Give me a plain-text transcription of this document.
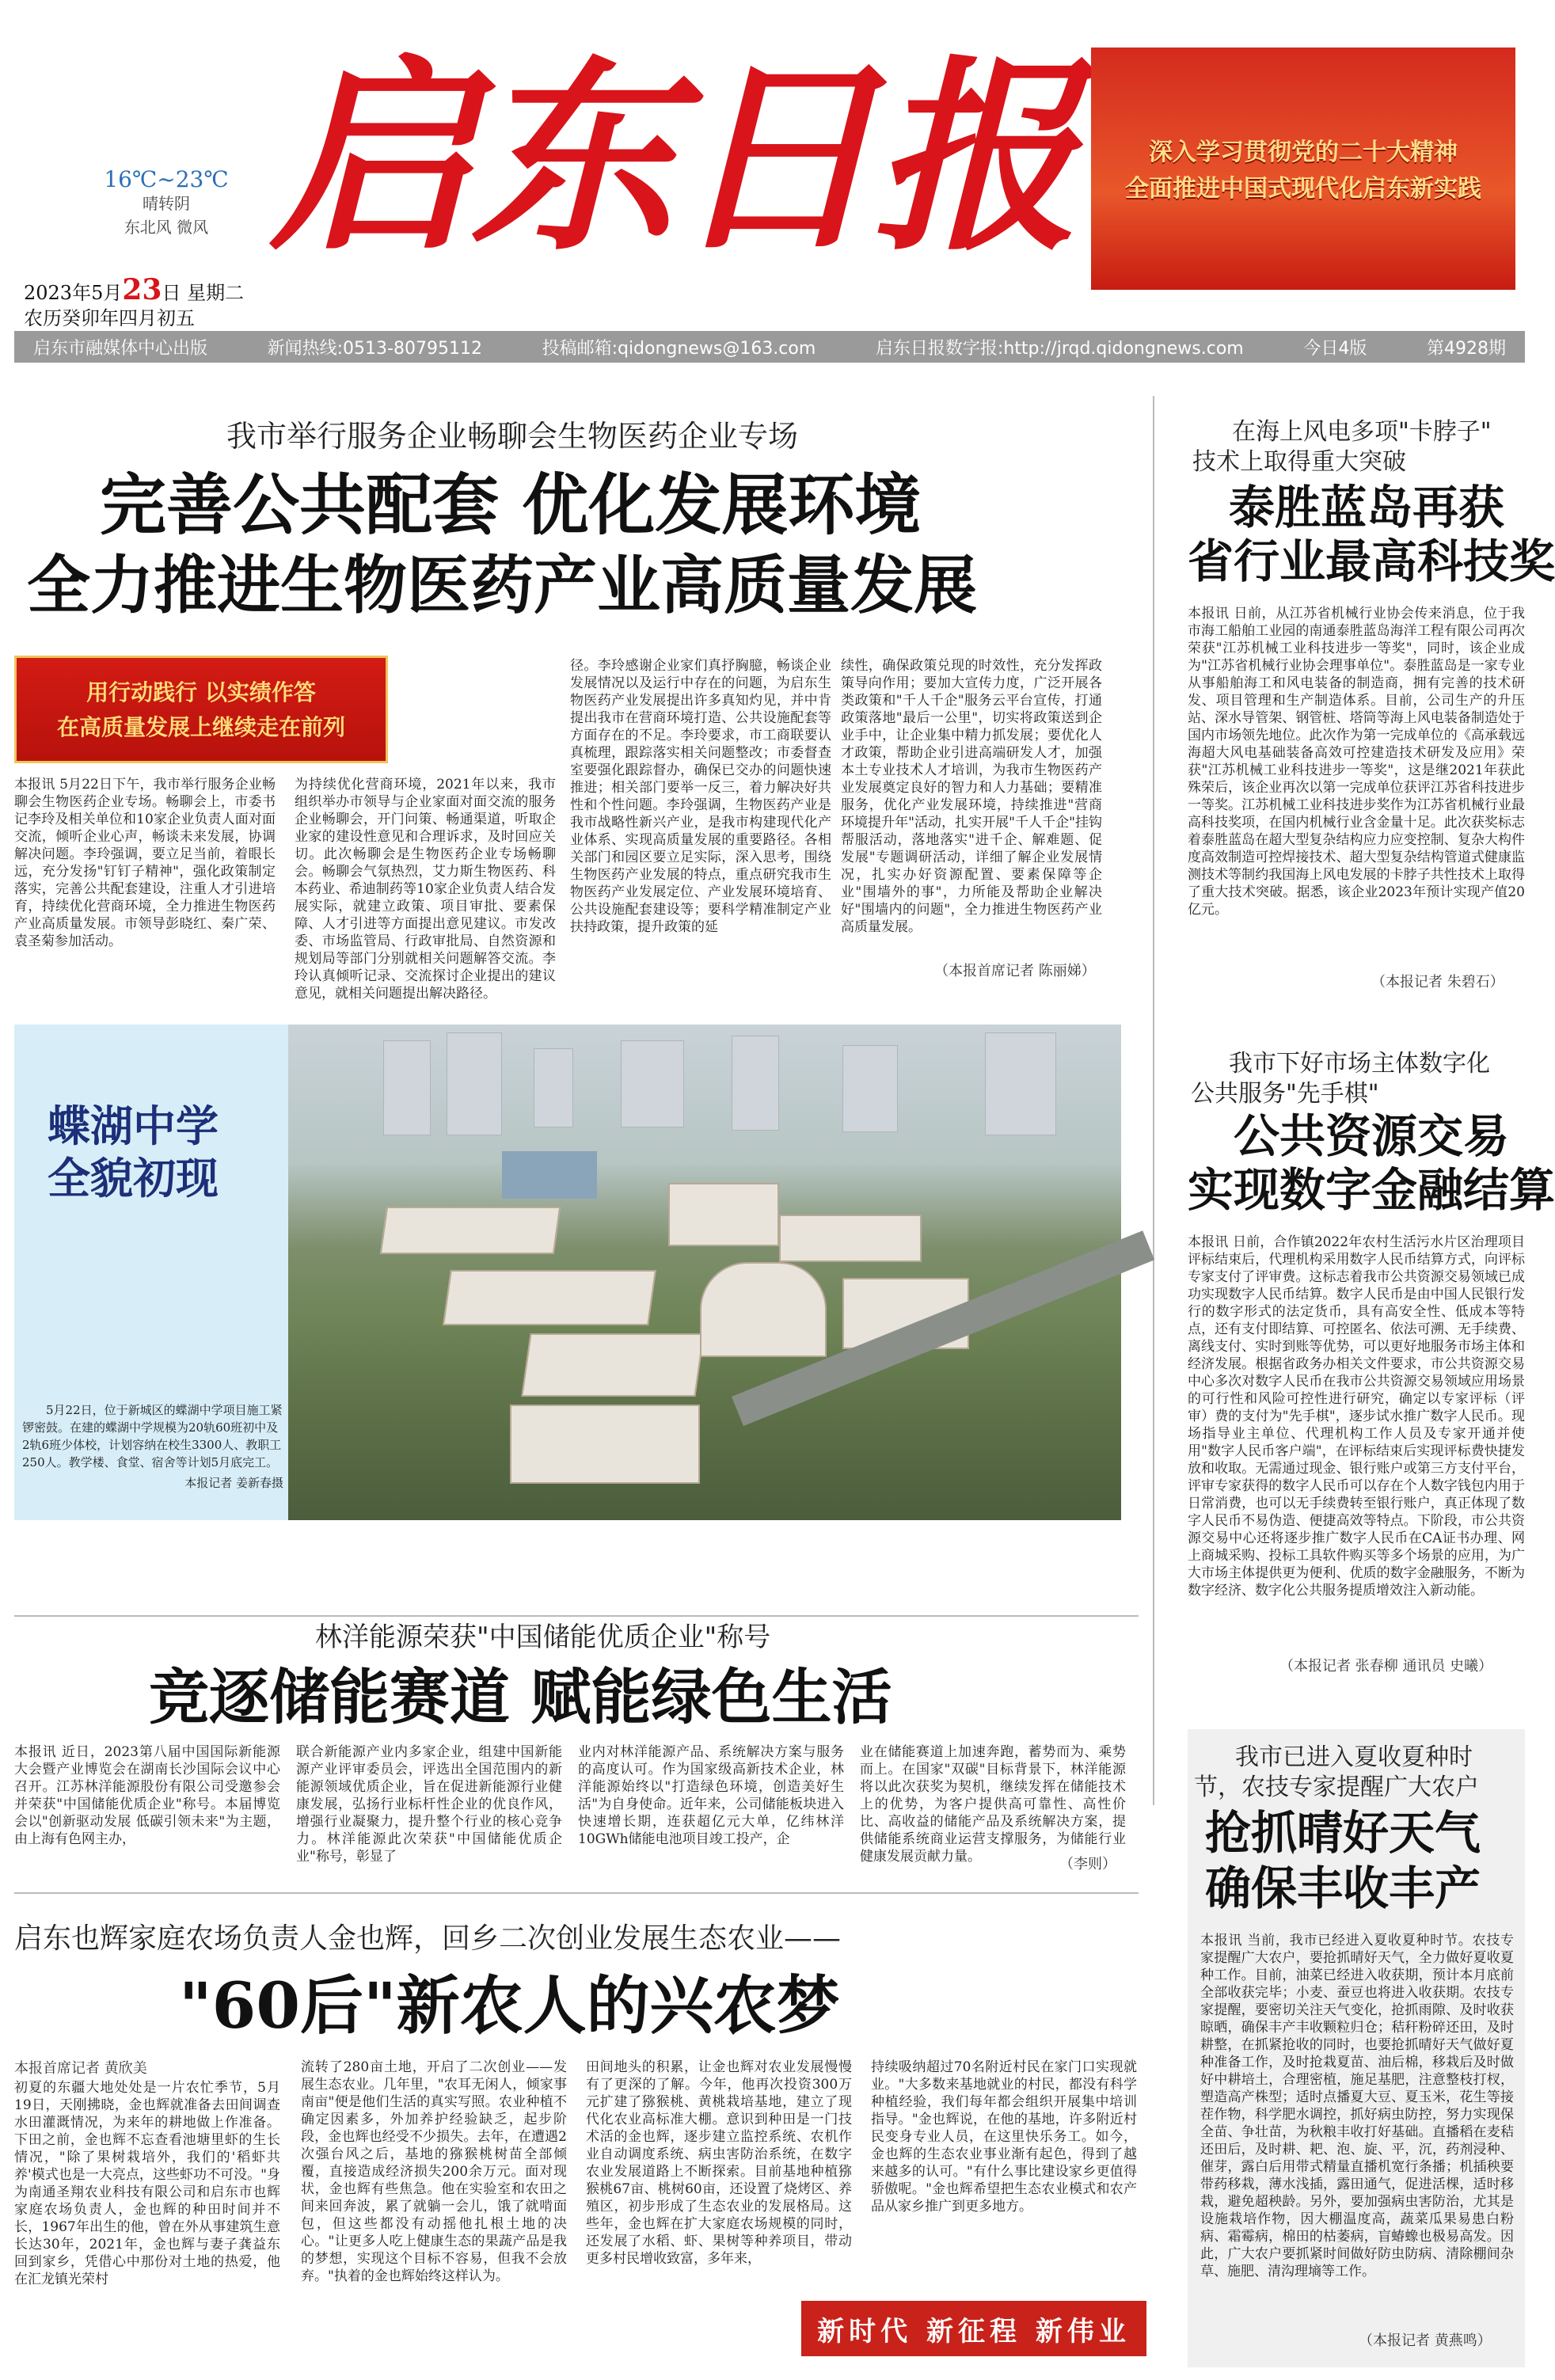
16℃~23℃
晴转阴
东北风 微风
2023年5月23日 星期二
农历癸卯年四月初五
启东日报	深入学习贯彻党的二十大精神
全面推进中国式现代化启东新实践
启东市融媒体中心出版	新闻热线:0513-80795112	投稿邮箱:qidongnews@163.com	启东日报数字报:http://jrqd.qidongnews.com	今日4版	第4928期
我市举行服务企业畅聊会生物医药企业专场
完善公共配套 优化发展环境
全力推进生物医药产业高质量发展
用行动践行 以实绩作答
在高质量发展上继续走在前列
本报讯 5月22日下午，我市举行服务企业畅聊会生物医药企业专场。畅聊会上，市委书记李玲及相关单位和10家企业负责人面对面交流，倾听企业心声，畅谈未来发展，协调解决问题。李玲强调，要立足当前，着眼长远，充分发扬"钉钉子精神"，强化政策制定落实，完善公共配套建设，注重人才引进培育，持续优化营商环境，全力推进生物医药产业高质量发展。市领导彭晓红、秦广荣、袁圣菊参加活动。
为持续优化营商环境，2021年以来，我市组织举办市领导与企业家面对面交流的服务企业畅聊会，开门问策、畅通渠道，听取企业家的建设性意见和合理诉求，及时回应关切。此次畅聊会是生物医药企业专场畅聊会。畅聊会气氛热烈，艾力斯生物医药、科本药业、希迪制药等10家企业负责人结合发展实际，就建立政策、项目审批、要素保障、人才引进等方面提出意见建议。市发改委、市场监管局、行政审批局、自然资源和规划局等部门分别就相关问题解答交流。李玲认真倾听记录、交流探讨企业提出的建议意见，就相关问题提出解决路径。
径。李玲感谢企业家们真抒胸臆，畅谈企业发展情况以及运行中存在的问题，为启东生物医药产业发展提出许多真知灼见，并中肯提出我市在营商环境打造、公共设施配套等方面存在的不足。李玲要求，市工商联要认真梳理，跟踪落实相关问题整改；市委督查室要强化跟踪督办，确保已交办的问题快速推进；相关部门要举一反三，着力解决好共性和个性问题。李玲强调，生物医药产业是我市战略性新兴产业，是我市构建现代化产业体系、实现高质量发展的重要路径。各相关部门和园区要立足实际，深入思考，围绕生物医药产业发展的特点，重点研究我市生物医药产业发展定位、产业发展环境培育、公共设施配套建设等；要科学精准制定产业扶持政策，提升政策的延
续性，确保政策兑现的时效性，充分发挥政策导向作用；要加大宣传力度，广泛开展各类政策和"千人千企"服务云平台宣传，打通政策落地"最后一公里"，切实将政策送到企业手中，让企业集中精力抓发展；要优化人才政策，帮助企业引进高端研发人才，加强本土专业技术人才培训，为我市生物医药产业发展奠定良好的智力和人力基础；要精准服务，优化产业发展环境，持续推进"营商环境提升年"活动，扎实开展"千人千企"挂钩帮服活动，落地落实"进千企、解难题、促发展"专题调研活动，详细了解企业发展情况，扎实办好资源配置、要素保障等企业"围墙外的事"，力所能及帮助企业解决好"围墙内的问题"，全力推进生物医药产业高质量发展。
（本报首席记者 陈丽娣）
在海上风电多项"卡脖子"
技术上取得重大突破
泰胜蓝岛再获
省行业最高科技奖
本报讯 日前，从江苏省机械行业协会传来消息，位于我市海工船舶工业园的南通泰胜蓝岛海洋工程有限公司再次荣获"江苏机械工业科技进步一等奖"，同时，该企业成为"江苏省机械行业协会理事单位"。泰胜蓝岛是一家专业从事船舶海工和风电装备的制造商，拥有完善的技术研发、项目管理和生产制造体系。目前，公司生产的升压站、深水导管架、钢管桩、塔筒等海上风电装备制造处于国内市场领先地位。此次作为第一完成单位的《高承载远海超大风电基础装备高效可控建造技术研发及应用》荣获"江苏机械工业科技进步一等奖"，这是继2021年获此殊荣后，该企业再次以第一完成单位获评江苏省科技进步一等奖。江苏机械工业科技进步奖作为江苏省机械行业最高科技奖项，在国内机械行业含金量十足。此次获奖标志着泰胜蓝岛在超大型复杂结构应力应变控制、复杂大构件度高效制造可控焊接技术、超大型复杂结构管道式健康监测技术等制约我国海上风电发展的卡脖子共性技术上取得了重大技术突破。据悉，该企业2023年预计实现产值20亿元。
（本报记者 朱碧石）
蝶湖中学
全貌初现
5月22日，位于新城区的蝶湖中学项目施工紧锣密鼓。在建的蝶湖中学规模为20轨60班初中及2轨6班少体校，计划容纳在校生3300人、教职工250人。教学楼、食堂、宿舍等计划5月底完工。
本报记者 姜新春摄
我市下好市场主体数字化
公共服务"先手棋"
公共资源交易
实现数字金融结算
本报讯 日前，合作镇2022年农村生活污水片区治理项目评标结束后，代理机构采用数字人民币结算方式，向评标专家支付了评审费。这标志着我市公共资源交易领域已成功实现数字人民币结算。数字人民币是由中国人民银行发行的数字形式的法定货币，具有高安全性、低成本等特点，还有支付即结算、可控匿名、依法可溯、无手续费、离线支付、实时到账等优势，可以更好地服务市场主体和经济发展。根据省政务办相关文件要求，市公共资源交易中心多次对数字人民币在我市公共资源交易领域应用场景的可行性和风险可控性进行研究，确定以专家评标（评审）费的支付为"先手棋"，逐步试水推广数字人民币。现场指导业主单位、代理机构工作人员及专家开通并使用"数字人民币客户端"，在评标结束后实现评标费快捷发放和收取。无需通过现金、银行账户或第三方支付平台，评审专家获得的数字人民币可以存在个人数字钱包内用于日常消费，也可以无手续费转至银行账户，真正体现了数字人民币不易伪造、便捷高效等特点。下阶段，市公共资源交易中心还将逐步推广数字人民币在CA证书办理、网上商城采购、投标工具软件购买等多个场景的应用，为广大市场主体提供更为便利、优质的数字金融服务，不断为数字经济、数字化公共服务提质增效注入新动能。
（本报记者 张春柳 通讯员 史曦）
林洋能源荣获"中国储能优质企业"称号
竞逐储能赛道 赋能绿色生活
本报讯 近日，2023第八届中国国际新能源大会暨产业博览会在湖南长沙国际会议中心召开。江苏林洋能源股份有限公司受邀参会并荣获"中国储能优质企业"称号。本届博览会以"创新驱动发展 低碳引领未来"为主题，由上海有色网主办，
联合新能源产业内多家企业，组建中国新能源产业评审委员会，评选出全国范围内的新能源领域优质企业，旨在促进新能源行业健康发展，弘扬行业标杆性企业的优良作风，增强行业凝聚力，提升整个行业的核心竞争力。林洋能源此次荣获"中国储能优质企业"称号，彰显了
业内对林洋能源产品、系统解决方案与服务的高度认可。作为国家级高新技术企业，林洋能源始终以"打造绿色环境，创造美好生活"为自身使命。近年来，公司储能板块进入快速增长期，连获超亿元大单，亿纬林洋10GWh储能电池项目竣工投产，企
业在储能赛道上加速奔跑，蓄势而为、乘势而上。在国家"双碳"目标背景下，林洋能源将以此次获奖为契机，继续发挥在储能技术上的优势，为客户提供高可靠性、高性价比、高收益的储能产品及系统解决方案，提供储能系统商业运营支撑服务，为储能行业健康发展贡献力量。	（李则）
我市已进入夏收夏种时
节，农技专家提醒广大农户
抢抓晴好天气
确保丰收丰产
本报讯 当前，我市已经进入夏收夏种时节。农技专家提醒广大农户，要抢抓晴好天气，全力做好夏收夏种工作。目前，油菜已经进入收获期，预计本月底前全部收获完毕；小麦、蚕豆也将进入收获期。农技专家提醒，要密切关注天气变化，抢抓雨隙、及时收获晾晒，确保丰产丰收颗粒归仓；秸秆粉碎还田，及时耕整，在抓紧抢收的同时，也要抢抓晴好天气做好夏种准备工作，及时抢栽夏苗、油后棉，移栽后及时做好中耕培土，合理密植，施足基肥，注意整枝打杈，塑造高产株型；适时点播夏大豆、夏玉米，花生等接茬作物，科学肥水调控，抓好病虫防控，努力实现保全苗、争壮苗，为秋粮丰收打好基础。直播稻在麦秸还田后，及时耕、耙、泡、旋、平，沉，药剂浸种、催芽，露白后用带式精量直播机宽行条播；机插秧要带药移栽，薄水浅插，露田通气，促进活棵，适时移栽，避免超秧龄。另外，要加强病虫害防治，尤其是设施栽培作物，因大棚温度高，蔬菜瓜果易患白粉病、霜霉病，棉田的枯萎病，盲蝽蟓也极易高发。因此，广大农户要抓紧时间做好防虫防病、清除棚间杂草、施肥、清沟理墒等工作。
（本报记者 黄燕鸣）
启东也辉家庭农场负责人金也辉，回乡二次创业发展生态农业——
"60后"新农人的兴农梦
本报首席记者 黄欣美
初夏的东疆大地处处是一片农忙季节，5月19日，天刚拂晓，金也辉就准备去田间调查水田灌溉情况，为来年的耕地做上作准备。下田之前，金也辉不忘查看池塘里虾的生长情况，"除了果树栽培外，我们的'稻虾共养'模式也是一大亮点，这些虾功不可没。"身为南通圣翔农业科技有限公司和启东市也辉家庭农场负责人，金也辉的种田时间并不长，1967年出生的他，曾在外从事建筑生意长达30年，2021年，金也辉与妻子龚益东回到家乡，凭借心中那份对土地的热爱，他在汇龙镇光荣村
流转了280亩土地，开启了二次创业——发展生态农业。几年里，"农耳无闲人，倾家事南亩"便是他们生活的真实写照。农业种植不确定因素多，外加养护经验缺乏，起步阶段，金也辉也经受不少损失。去年，在遭遇2次强台风之后，基地的猕猴桃树苗全部倾覆，直接造成经济损失200余万元。面对现状，金也辉有些焦急。他在实验室和农田之间来回奔波，累了就躺一会儿，饿了就啃面包，但这些都没有动摇他扎根土地的决心。"让更多人吃上健康生态的果蔬产品是我的梦想，实现这个目标不容易，但我不会放弃。"执着的金也辉始终这样认为。
田间地头的积累，让金也辉对农业发展慢慢有了更深的了解。今年，他再次投资300万元扩建了猕猴桃、黄桃栽培基地，建立了现代化农业高标准大棚。意识到种田是一门技术活的金也辉，逐步建立监控系统、农机作业自动调度系统、病虫害防治系统，在数字农业发展道路上不断探索。目前基地种植猕猴桃67亩、桃树60亩，还设置了烧烤区、养殖区，初步形成了生态农业的发展格局。这些年，金也辉在扩大家庭农场规模的同时，还发展了水稻、虾、果树等种养项目，带动更多村民增收致富，多年来，
持续吸纳超过70名附近村民在家门口实现就业。"大多数来基地就业的村民，都没有科学种植经验，我们每年都会组织开展集中培训指导。"金也辉说，在他的基地，许多附近村民变身专业人员，在这里快乐务工。如今，金也辉的生态农业事业渐有起色，得到了越来越多的认可。"有什么事比建设家乡更值得骄傲呢。"金也辉希望把生态农业模式和农产品从家乡推广到更多地方。
新时代 新征程 新伟业
